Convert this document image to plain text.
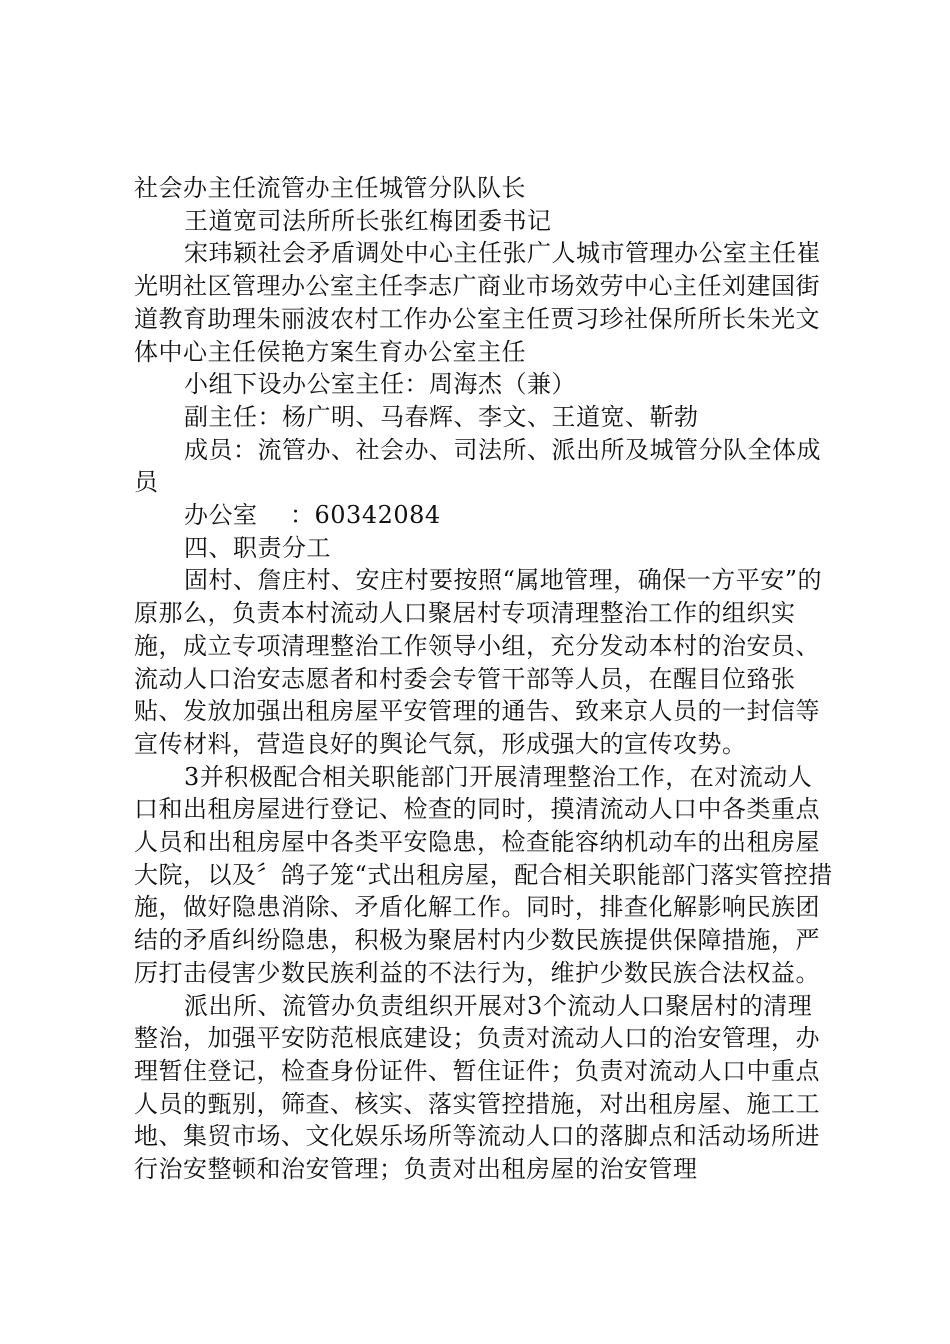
社会办主任流管办主任城管分队队长

王道宽司法所所长张红梅团委书记

宋玮颖社会矛盾调处中心主任张广人城市管理办公室主任崔光明社区管理办公室主任李志广商业市场效劳中心主任刘建国街道教育助理朱丽波农村工作办公室主任贾习珍社保所所长朱光文体中心主任侯艳方案生育办公室主任

小组下设办公室主任：周海杰（兼）

副主任：杨广明、马春辉、李文、王道宽、靳勃

成员：流管办、社会办、司法所、派出所及城管分队全体成员

办公室    ：60342084

四、职责分工

固村、詹庄村、安庄村要按照“属地管理，确保一方平安”的原那么，负责本村流动人口聚居村专项清理整治工作的组织实施，成立专项清理整治工作领导小组，充分发动本村的治安员、流动人口治安志愿者和村委会专管干部等人员，在醒目位臵张贴、发放加强出租房屋平安管理的通告、致来京人员的一封信等宣传材料，营造良好的舆论气氛，形成强大的宣传攻势。

3并积极配合相关职能部门开展清理整治工作，在对流动人口和出租房屋进行登记、检查的同时，摸清流动人口中各类重点人员和出租房屋中各类平安隐患，检查能容纳机动车的出租房屋大院，以及〞鸽子笼“式出租房屋，配合相关职能部门落实管控措施，做好隐患消除、矛盾化解工作。同时，排查化解影响民族团结的矛盾纠纷隐患，积极为聚居村内少数民族提供保障措施，严厉打击侵害少数民族利益的不法行为，维护少数民族合法权益。

派出所、流管办负责组织开展对3个流动人口聚居村的清理整治，加强平安防范根底建设；负责对流动人口的治安管理，办理暂住登记，检查身份证件、暂住证件；负责对流动人口中重点人员的甄别，筛查、核实、落实管控措施，对出租房屋、施工工地、集贸市场、文化娱乐场所等流动人口的落脚点和活动场所进行治安整顿和治安管理；负责对出租房屋的治安管理
